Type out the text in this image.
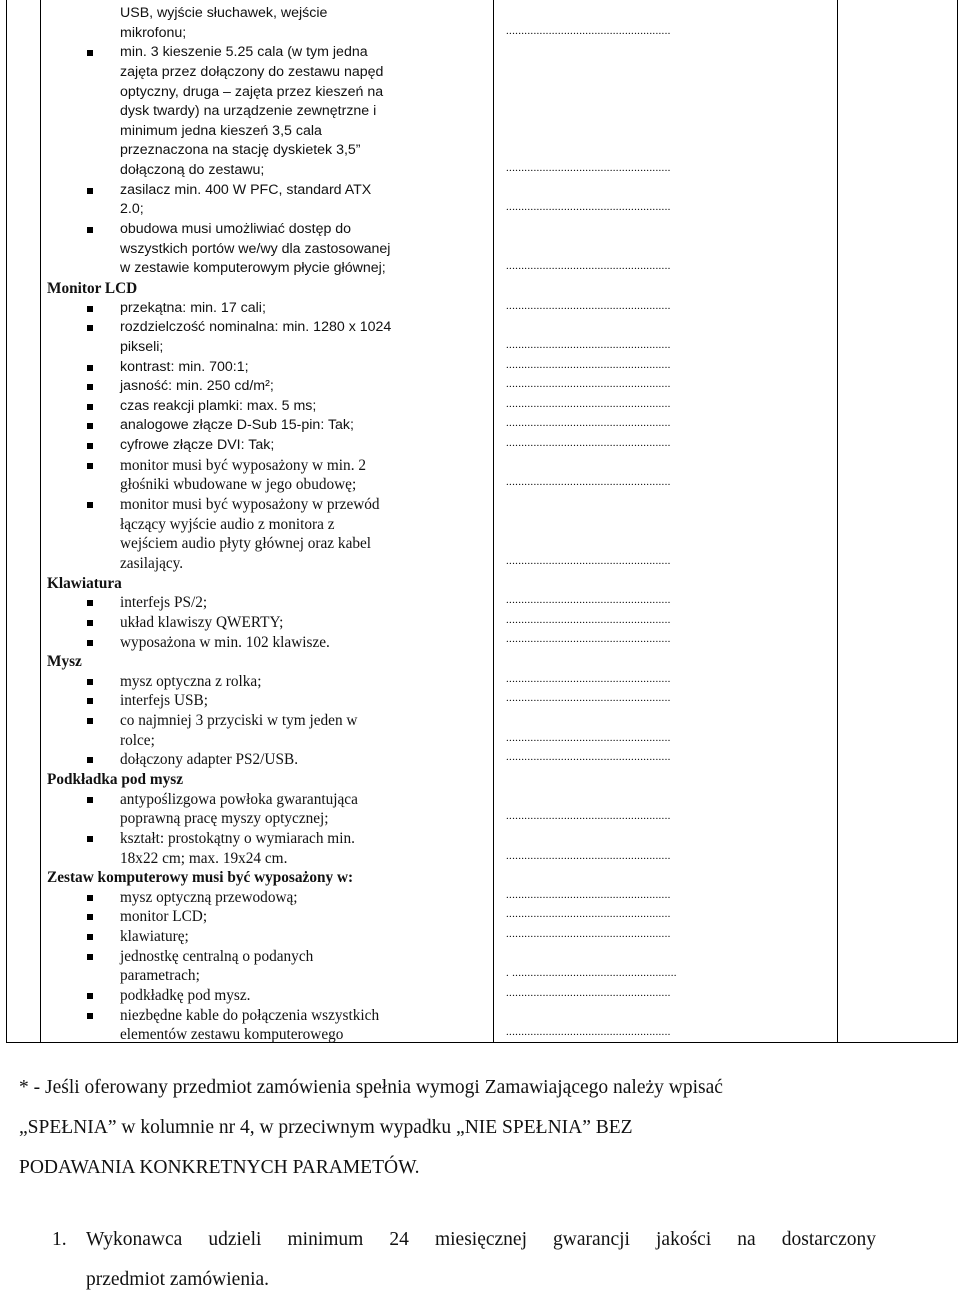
USB, wyjście słuchawek, wejście
mikrofonu;
min. 3 kieszenie 5.25 cala (w tym jedna
zajęta przez dołączony do zestawu napęd
optyczny, druga – zajęta przez kieszeń na
dysk twardy) na urządzenie zewnętrzne i
minimum jedna kieszeń 3,5 cala
przeznaczona na stację dyskietek 3,5”
dołączoną do zestawu;
zasilacz min. 400 W PFC, standard ATX
2.0;
obudowa musi umożliwiać dostęp do
wszystkich portów we/wy dla zastosowanej
w zestawie komputerowym płycie głównej;
Monitor LCD
przekątna: min. 17 cali;
rozdzielczość nominalna: min. 1280 x 1024
pikseli;
kontrast: min. 700:1;
jasność: min. 250 cd/m²;
czas reakcji plamki: max. 5 ms;
analogowe złącze D-Sub 15-pin: Tak;
cyfrowe złącze DVI: Tak;
monitor musi być wyposażony w min. 2
głośniki wbudowane w jego obudowę;
monitor musi być wyposażony w przewód
łączący wyjście audio z monitora z
wejściem audio płyty głównej oraz kabel
zasilający.
Klawiatura
interfejs PS/2;
układ klawiszy QWERTY;
wyposażona w min. 102 klawisze.
Mysz
mysz optyczna z rolka;
interfejs USB;
co najmniej 3 przyciski w tym jeden w
rolce;
dołączony adapter PS2/USB.
Podkładka pod mysz
antypoślizgowa powłoka gwarantująca
poprawną pracę myszy optycznej;
kształt: prostokątny o wymiarach min.
18x22 cm; max. 19x24 cm.
Zestaw komputerowy musi być wyposażony w:
mysz optyczną przewodową;
monitor LCD;
klawiaturę;
jednostkę centralną o podanych
parametrach;
podkładkę pod mysz.
niezbędne kable do połączenia wszystkich
elementów zestawu komputerowego
......................................................
......................................................
......................................................
......................................................
......................................................
......................................................
......................................................
......................................................
......................................................
......................................................
......................................................
......................................................
......................................................
......................................................
......................................................
......................................................
......................................................
......................................................
......................................................
......................................................
......................................................
......................................................
......................................................
......................................................
......................................................
. ......................................................
......................................................
......................................................
* - Jeśli oferowany przedmiot zamówienia spełnia wymogi Zamawiającego należy wpisać
„SPEŁNIA” w kolumnie nr 4, w przeciwnym wypadku „NIE SPEŁNIA” BEZ
PODAWANIA KONKRETNYCH PARAMETÓW.
1. Wykonawca udzieli minimum 24 miesięcznej gwarancji jakości na dostarczony
przedmiot zamówienia.
